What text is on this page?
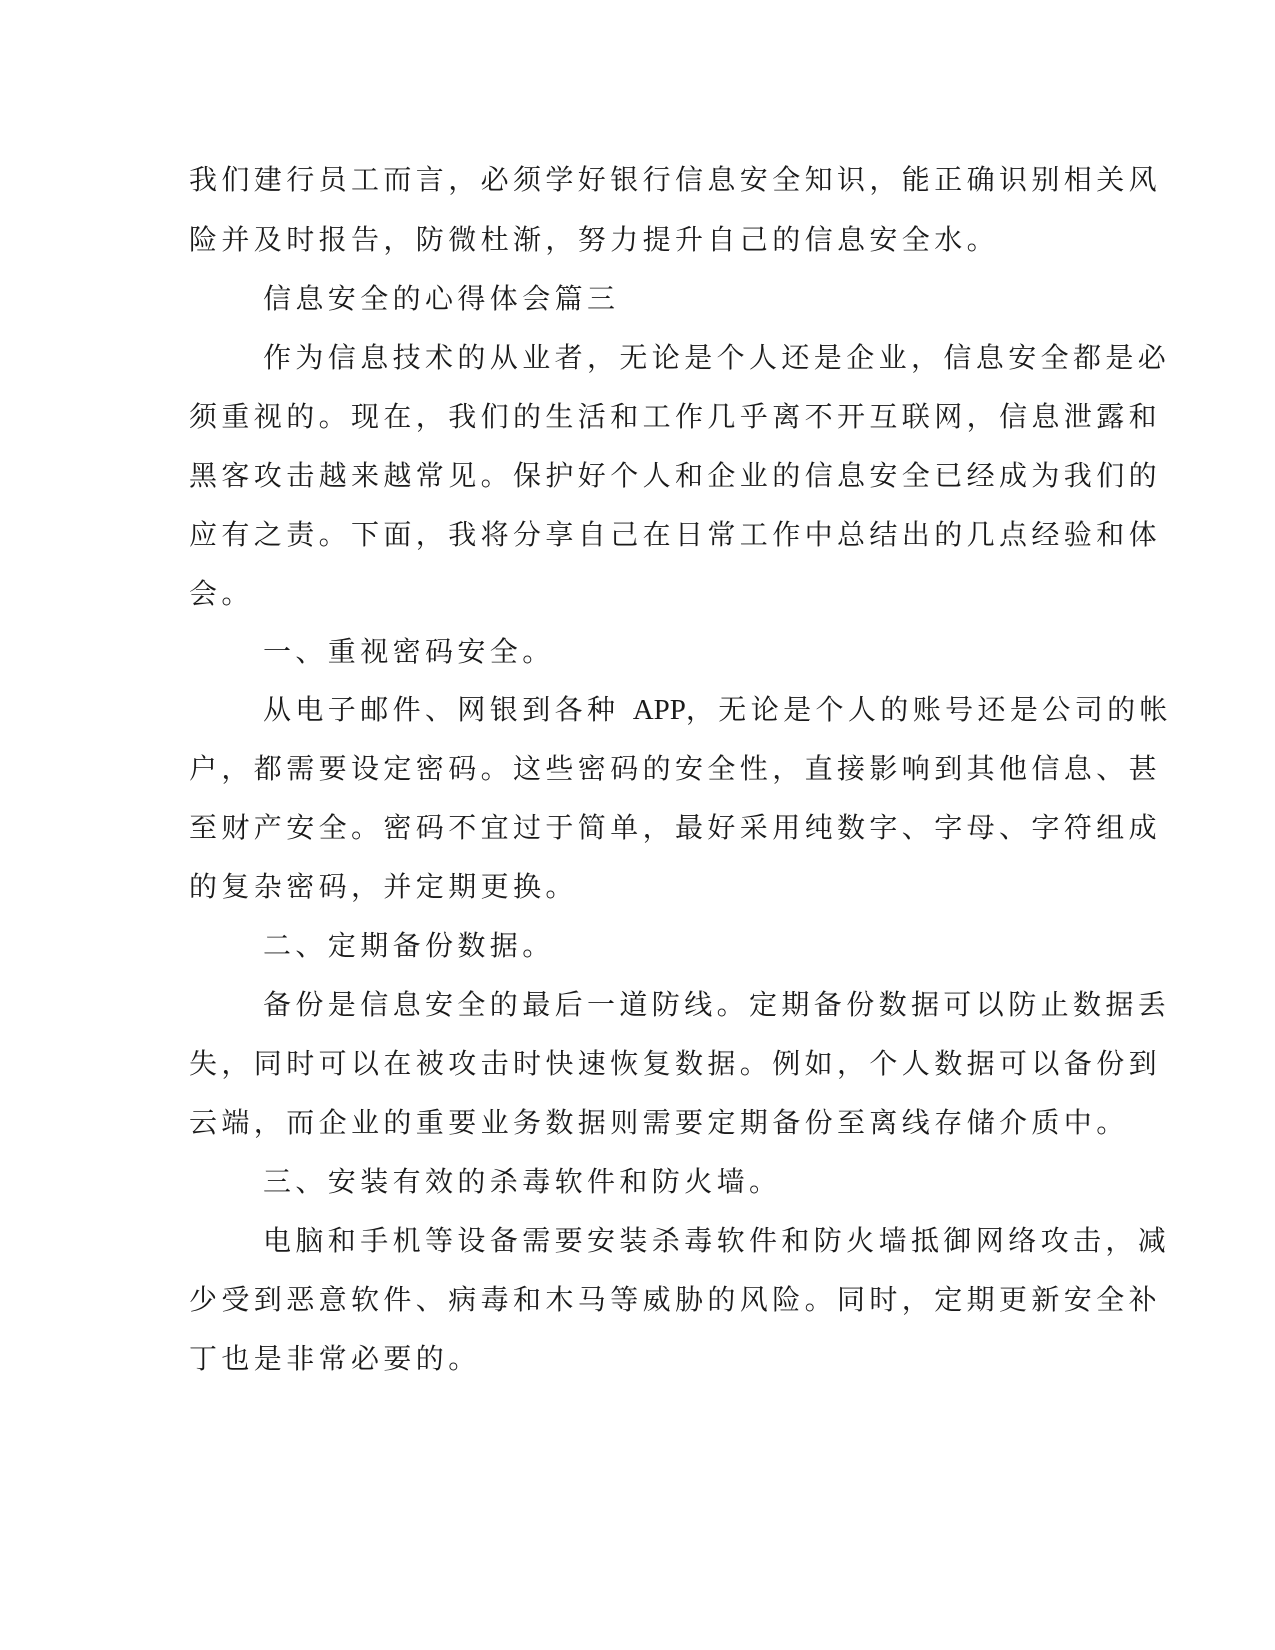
我们建行员工而言，必须学好银行信息安全知识，能正确识别相关风
险并及时报告，防微杜渐，努力提升自己的信息安全水。
信息安全的心得体会篇三
作为信息技术的从业者，无论是个人还是企业，信息安全都是必
须重视的。现在，我们的生活和工作几乎离不开互联网，信息泄露和
黑客攻击越来越常见。保护好个人和企业的信息安全已经成为我们的
应有之责。下面，我将分享自己在日常工作中总结出的几点经验和体
会。
一、重视密码安全。
从电子邮件、网银到各种 APP，无论是个人的账号还是公司的帐
户，都需要设定密码。这些密码的安全性，直接影响到其他信息、甚
至财产安全。密码不宜过于简单，最好采用纯数字、字母、字符组成
的复杂密码，并定期更换。
二、定期备份数据。
备份是信息安全的最后一道防线。定期备份数据可以防止数据丢
失，同时可以在被攻击时快速恢复数据。例如，个人数据可以备份到
云端，而企业的重要业务数据则需要定期备份至离线存储介质中。
三、安装有效的杀毒软件和防火墙。
电脑和手机等设备需要安装杀毒软件和防火墙抵御网络攻击，减
少受到恶意软件、病毒和木马等威胁的风险。同时，定期更新安全补
丁也是非常必要的。
